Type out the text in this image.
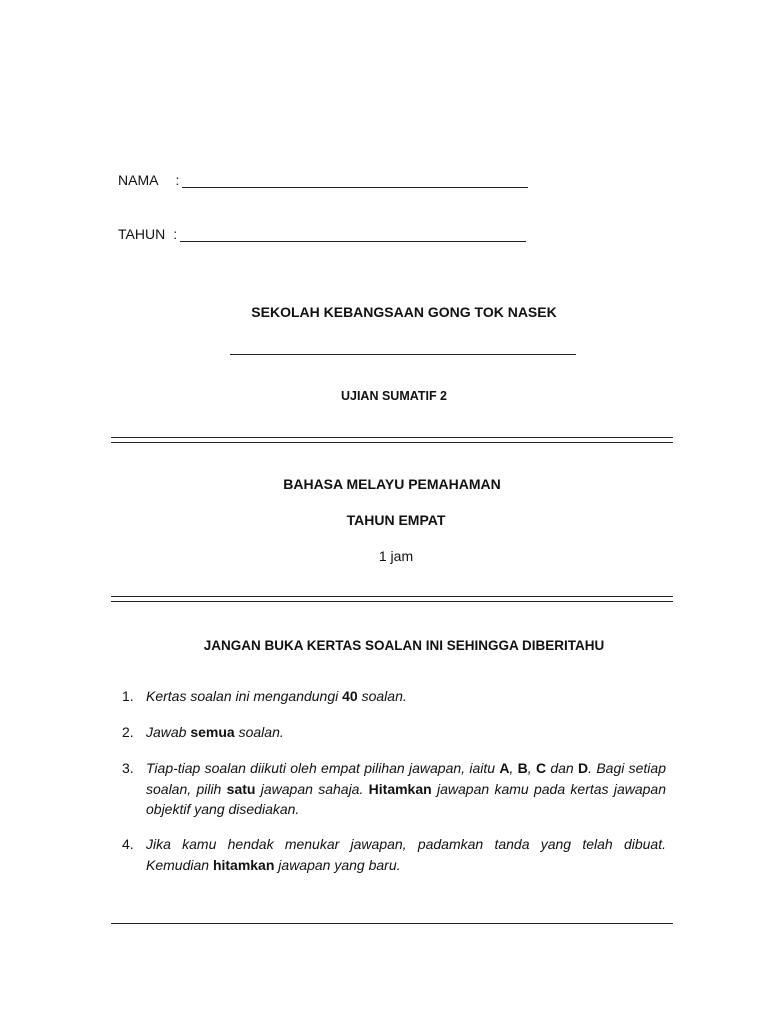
NAMA :
TAHUN :
SEKOLAH KEBANGSAAN GONG TOK NASEK
UJIAN SUMATIF 2
BAHASA MELAYU PEMAHAMAN
TAHUN EMPAT
1 jam
JANGAN BUKA KERTAS SOALAN INI SEHINGGA DIBERITAHU
1. Kertas soalan ini mengandungi 40 soalan.
2. Jawab semua soalan.
3. Tiap-tiap soalan diikuti oleh empat pilihan jawapan, iaitu A, B, C dan D. Bagi setiap soalan, pilih satu jawapan sahaja. Hitamkan jawapan kamu pada kertas jawapan objektif yang disediakan.
4. Jika kamu hendak menukar jawapan, padamkan tanda yang telah dibuat. Kemudian hitamkan jawapan yang baru.
